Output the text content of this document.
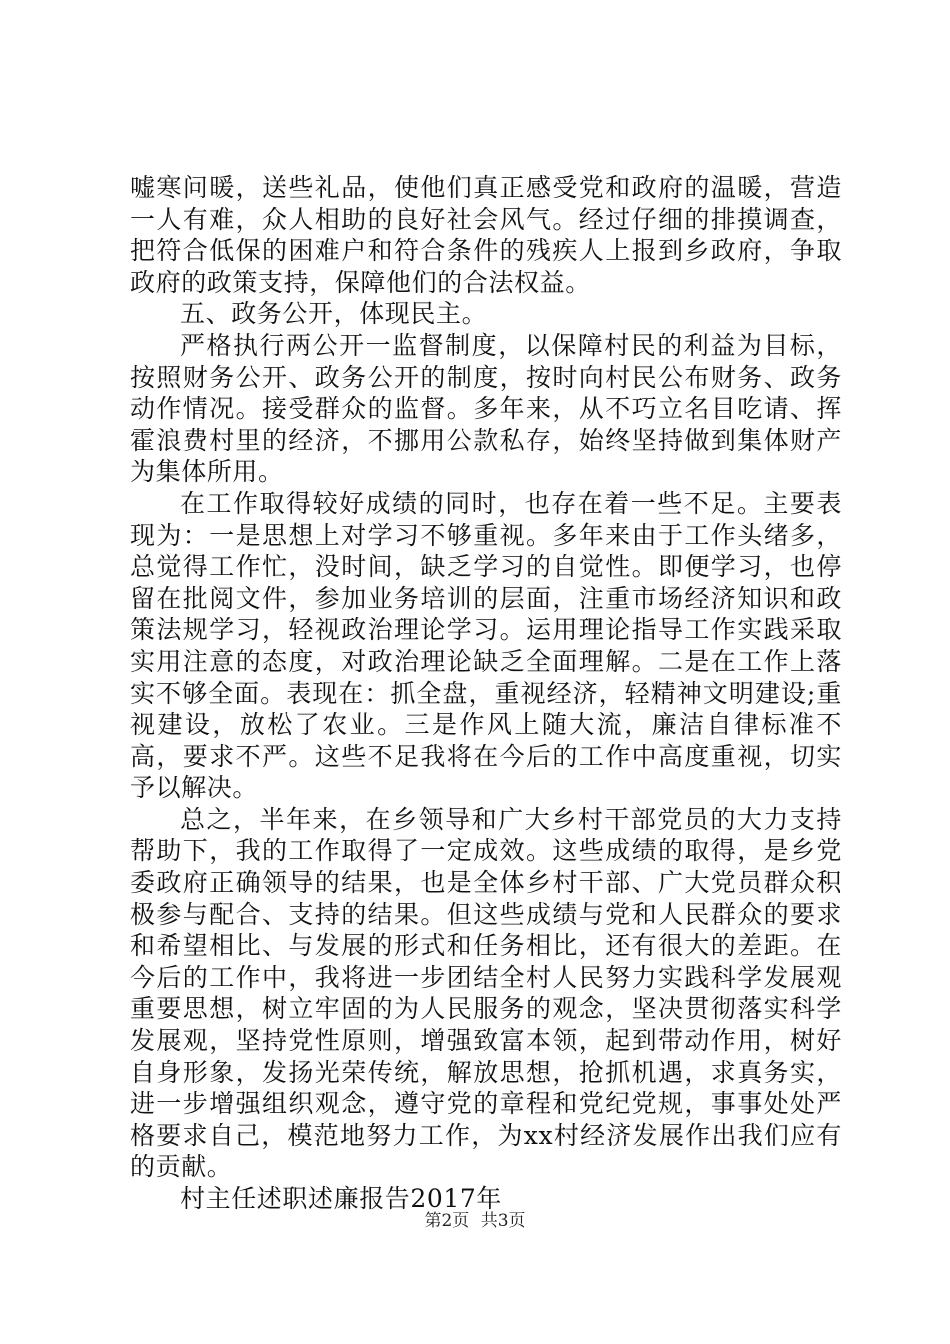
嘘寒问暖，送些礼品，使他们真正感受党和政府的温暖，营造一人有难，众人相助的良好社会风气。经过仔细的排摸调查，把符合低保的困难户和符合条件的残疾人上报到乡政府，争取政府的政策支持，保障他们的合法权益。

五、政务公开，体现民主。

严格执行两公开一监督制度，以保障村民的利益为目标，按照财务公开、政务公开的制度，按时向村民公布财务、政务动作情况。接受群众的监督。多年来，从不巧立名目吃请、挥霍浪费村里的经济，不挪用公款私存，始终坚持做到集体财产为集体所用。

在工作取得较好成绩的同时，也存在着一些不足。主要表现为：一是思想上对学习不够重视。多年来由于工作头绪多，总觉得工作忙，没时间，缺乏学习的自觉性。即便学习，也停留在批阅文件，参加业务培训的层面，注重市场经济知识和政策法规学习，轻视政治理论学习。运用理论指导工作实践采取实用注意的态度，对政治理论缺乏全面理解。二是在工作上落实不够全面。表现在：抓全盘，重视经济，轻精神文明建设;重视建设，放松了农业。三是作风上随大流，廉洁自律标准不高，要求不严。这些不足我将在今后的工作中高度重视，切实予以解决。

总之，半年来，在乡领导和广大乡村干部党员的大力支持帮助下，我的工作取得了一定成效。这些成绩的取得，是乡党委政府正确领导的结果，也是全体乡村干部、广大党员群众积极参与配合、支持的结果。但这些成绩与党和人民群众的要求和希望相比、与发展的形式和任务相比，还有很大的差距。在今后的工作中，我将进一步团结全村人民努力实践科学发展观重要思想，树立牢固的为人民服务的观念，坚决贯彻落实科学发展观，坚持党性原则，增强致富本领，起到带动作用，树好自身形象，发扬光荣传统，解放思想，抢抓机遇，求真务实，进一步增强组织观念，遵守党的章程和党纪党规，事事处处严格要求自己，模范地努力工作，为xx村经济发展作出我们应有的贡献。

村主任述职述廉报告2017年

第2页 共3页
